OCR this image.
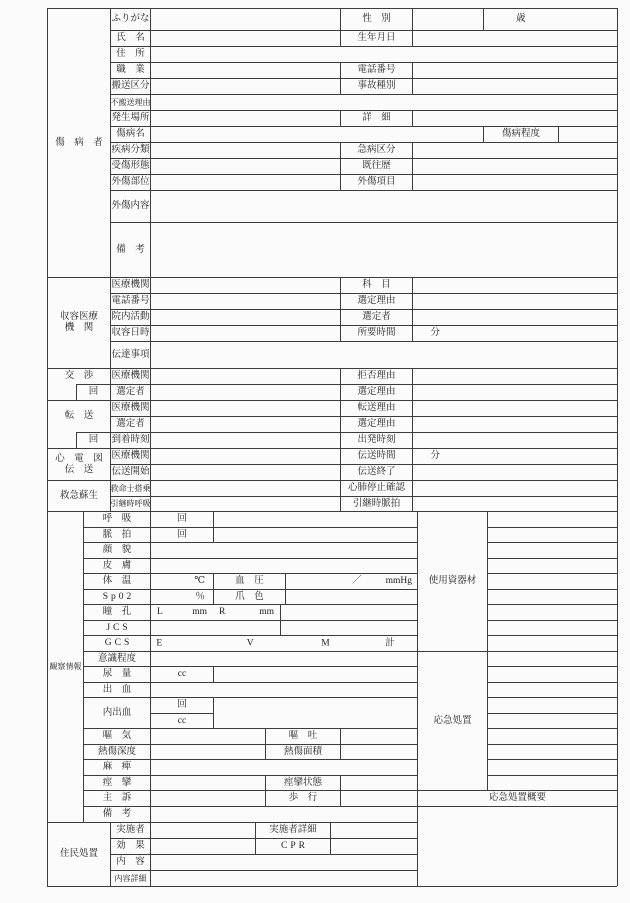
傷　病　者
ふりがな	性　別	歳
氏　名	生年月日
住　所
職　業	電話番号
搬送区分	事故種別
不搬送理由
発生場所	詳　細
傷病名	傷病程度
疾病分類	急病区分
受傷形態	既往歴
外傷部位	外傷項目
外傷内容
備　考
収容医療
機　関
医療機関	科　目
電話番号	選定理由
院内活動	選定者
収容日時	所要時間	分
伝達事項
交　渉
回
医療機関	拒否理由
選定者	選定理由
転　送
回
医療機関	転送理由
選定者	選定理由
到着時刻	出発時刻
心　電　図
伝　送
医療機関	伝送時間	分
伝送開始	伝送終了
救急蘇生
救命士搭乗	心肺停止確認
引継時呼吸	引継時脈拍
観察情報
呼　吸	回
脈　拍	回
顔　貌
皮　膚
体　温	℃	血　圧	／	mmHg
Sp02	％	爪　色
瞳　孔	L	mm R	mm
JCS
GCS	E	V	M	計
意識程度
尿　量	cc
出　血
内出血
回
cc
嘔　気	嘔　吐
熱傷深度	熱傷面積
麻　痺
痙　攣	痙攣状態
主　訴	歩　行
備　考
使用資器材
応急処置
応急処置概要
住民処置
実施者	実施者詳細
効　果	CPR
内　容
内容詳細
